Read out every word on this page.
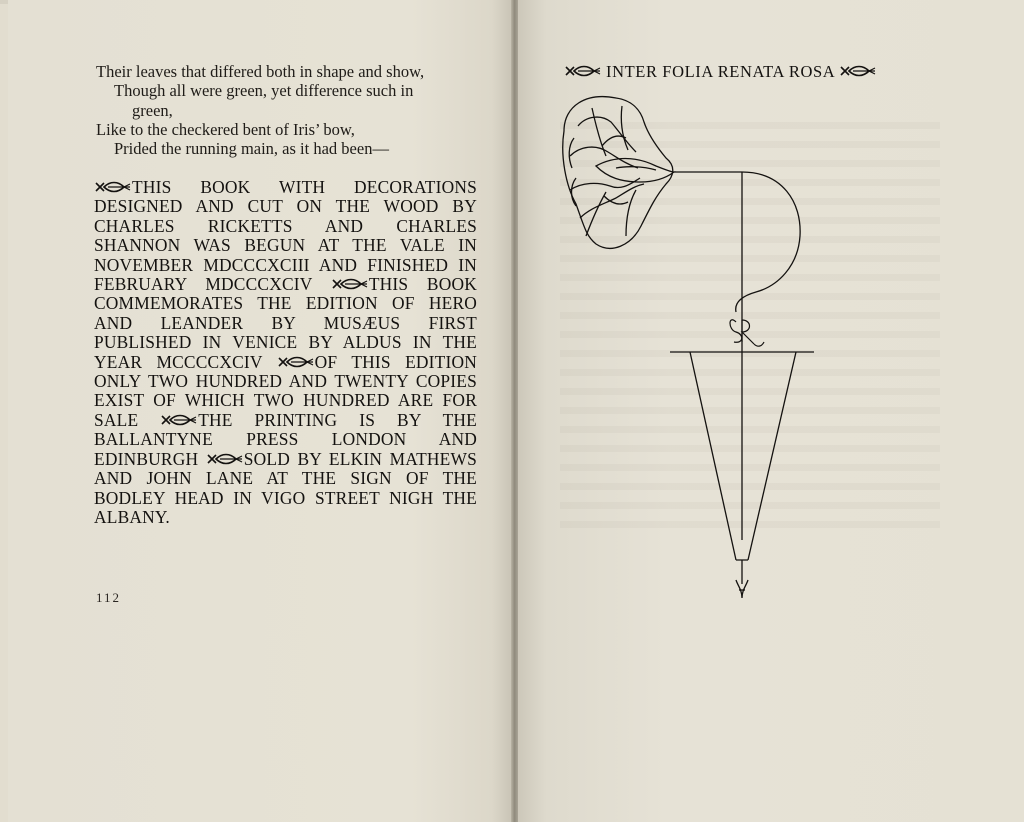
Their leaves that differed both in shape and show,
Though all were green, yet difference such in
green,
Like to the checkered bent of Iris’ bow,
Prided the running main, as it had been—
THIS BOOK WITH DECORATIONS DESIGNED AND CUT ON THE WOOD BY CHARLES RICKETTS AND CHARLES SHANNON WAS BEGUN AT THE VALE IN NOVEMBER MDCCCXCIII AND FINISHED IN FEBRUARY MDCCCXCIV	THIS BOOK COMMEMORATES THE EDITION OF HERO AND LEANDER BY MUSÆUS FIRST PUBLISHED IN VENICE BY ALDUS IN THE YEAR MCCCCXCIV	OF THIS EDITION ONLY TWO HUNDRED AND TWENTY COPIES EXIST OF WHICH TWO HUNDRED ARE FOR SALE	THE PRINTING IS BY THE BALLANTYNE PRESS LONDON AND EDINBURGH	SOLD BY ELKIN MATHEWS AND JOHN LANE AT THE SIGN OF THE BODLEY HEAD IN VIGO STREET NIGH THE ALBANY.
112
INTER FOLIA RENATA ROSA
SR
